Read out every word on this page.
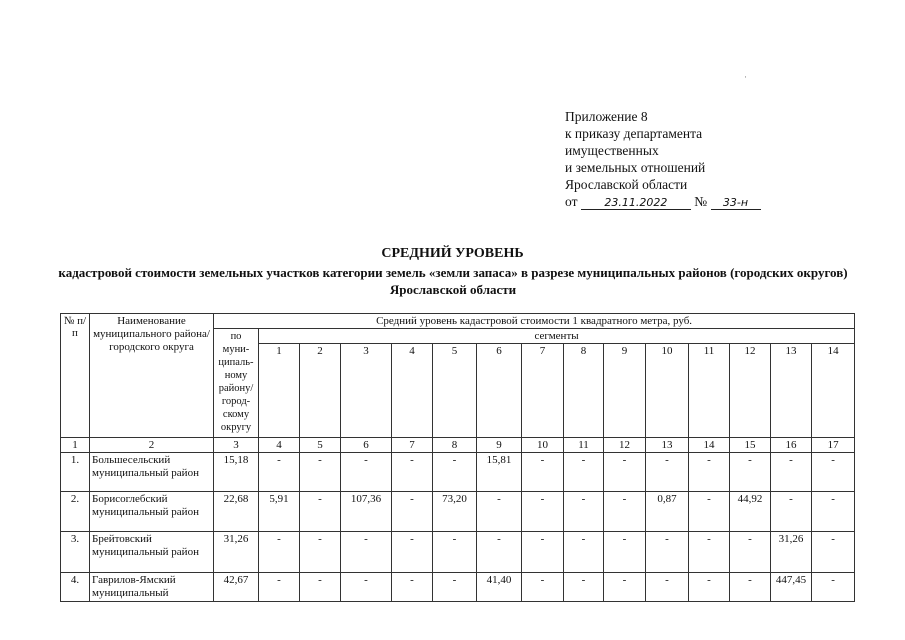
·
Приложение 8
к приказу департамента
имущественных
и земельных отношений
Ярославской области
от 23.11.2022 № 33-н
СРЕДНИЙ УРОВЕНЬ
кадастровой стоимости земельных участков категории земель «земли запаса» в разрезе муниципальных районов (городских округов) Ярославской области
№ п/п	Наименование муниципального района/ городского округа	Средний уровень кадастровой стоимости 1 квадратного метра, руб.														
		по муни-ципаль-ному району/ город-скому округу	сегменты													
			1	2	3	4	5	6	7	8	9	10	11	12	13	14
1	2	3	4	5	6	7	8	9	10	11	12	13	14	15	16	17
1.	Большесельский муниципальный район	15,18	-	-	-	-	-	15,81	-	-	-	-	-	-	-	-
2.	Борисоглебский муниципальный район	22,68	5,91	-	107,36	-	73,20	-	-	-	-	0,87	-	44,92	-	-
3.	Брейтовский муниципальный район	31,26	-	-	-	-	-	-	-	-	-	-	-	-	31,26	-
4.	Гаврилов-Ямский муниципальный	42,67	-	-	-	-	-	41,40	-	-	-	-	-	-	447,45	-
